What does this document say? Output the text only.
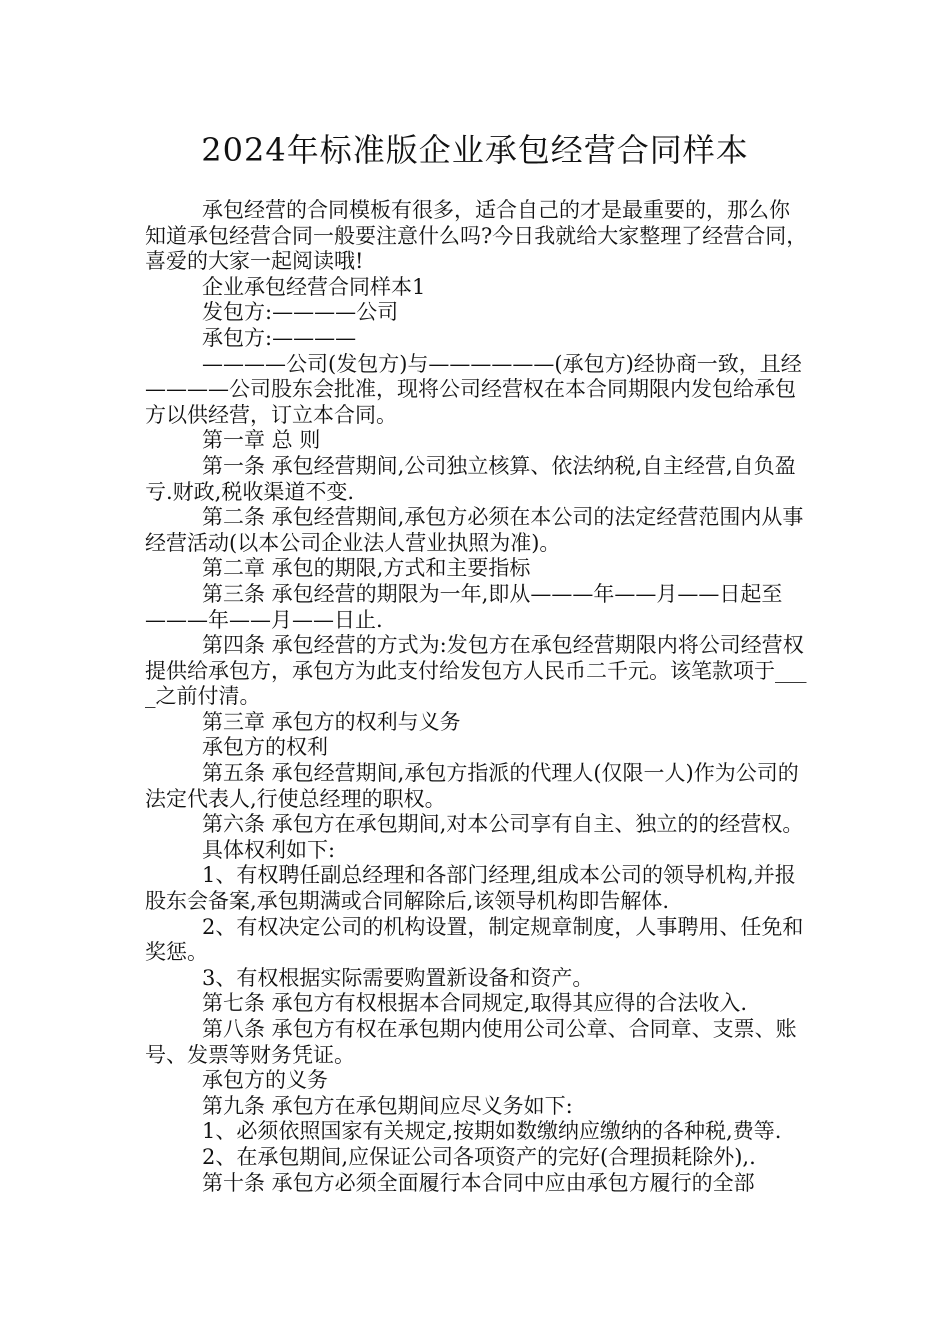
2024年标准版企业承包经营合同样本

承包经营的合同模板有很多，适合自己的才是最重要的，那么你知道承包经营合同一般要注意什么吗?今日我就给大家整理了经营合同，喜爱的大家一起阅读哦!

企业承包经营合同样本1

发包方:————公司

承包方:————

————公司(发包方)与——————(承包方)经协商一致，且经————公司股东会批准，现将公司经营权在本合同期限内发包给承包方以供经营，订立本合同。

第一章 总 则

第一条 承包经营期间,公司独立核算、依法纳税,自主经营,自负盈亏.财政,税收渠道不变.

第二条 承包经营期间,承包方必须在本公司的法定经营范围内从事经营活动(以本公司企业法人营业执照为准)。

第二章 承包的期限,方式和主要指标

第三条 承包经营的期限为一年,即从———年——月——日起至———年——月——日止.

第四条 承包经营的方式为:发包方在承包经营期限内将公司经营权提供给承包方，承包方为此支付给发包方人民币二千元。该笔款项于____之前付清。

第三章 承包方的权利与义务

承包方的权利

第五条 承包经营期间,承包方指派的代理人(仅限一人)作为公司的法定代表人,行使总经理的职权。

第六条 承包方在承包期间,对本公司享有自主、独立的的经营权。

具体权利如下:

1、有权聘任副总经理和各部门经理,组成本公司的领导机构,并报股东会备案,承包期满或合同解除后,该领导机构即告解体.

2、有权决定公司的机构设置，制定规章制度，人事聘用、任免和奖惩。

3、有权根据实际需要购置新设备和资产。

第七条 承包方有权根据本合同规定,取得其应得的合法收入.

第八条 承包方有权在承包期内使用公司公章、合同章、支票、账号、发票等财务凭证。

承包方的义务

第九条 承包方在承包期间应尽义务如下:

1、必须依照国家有关规定,按期如数缴纳应缴纳的各种税,费等.

2、在承包期间,应保证公司各项资产的完好(合理损耗除外),.

第十条 承包方必须全面履行本合同中应由承包方履行的全部
